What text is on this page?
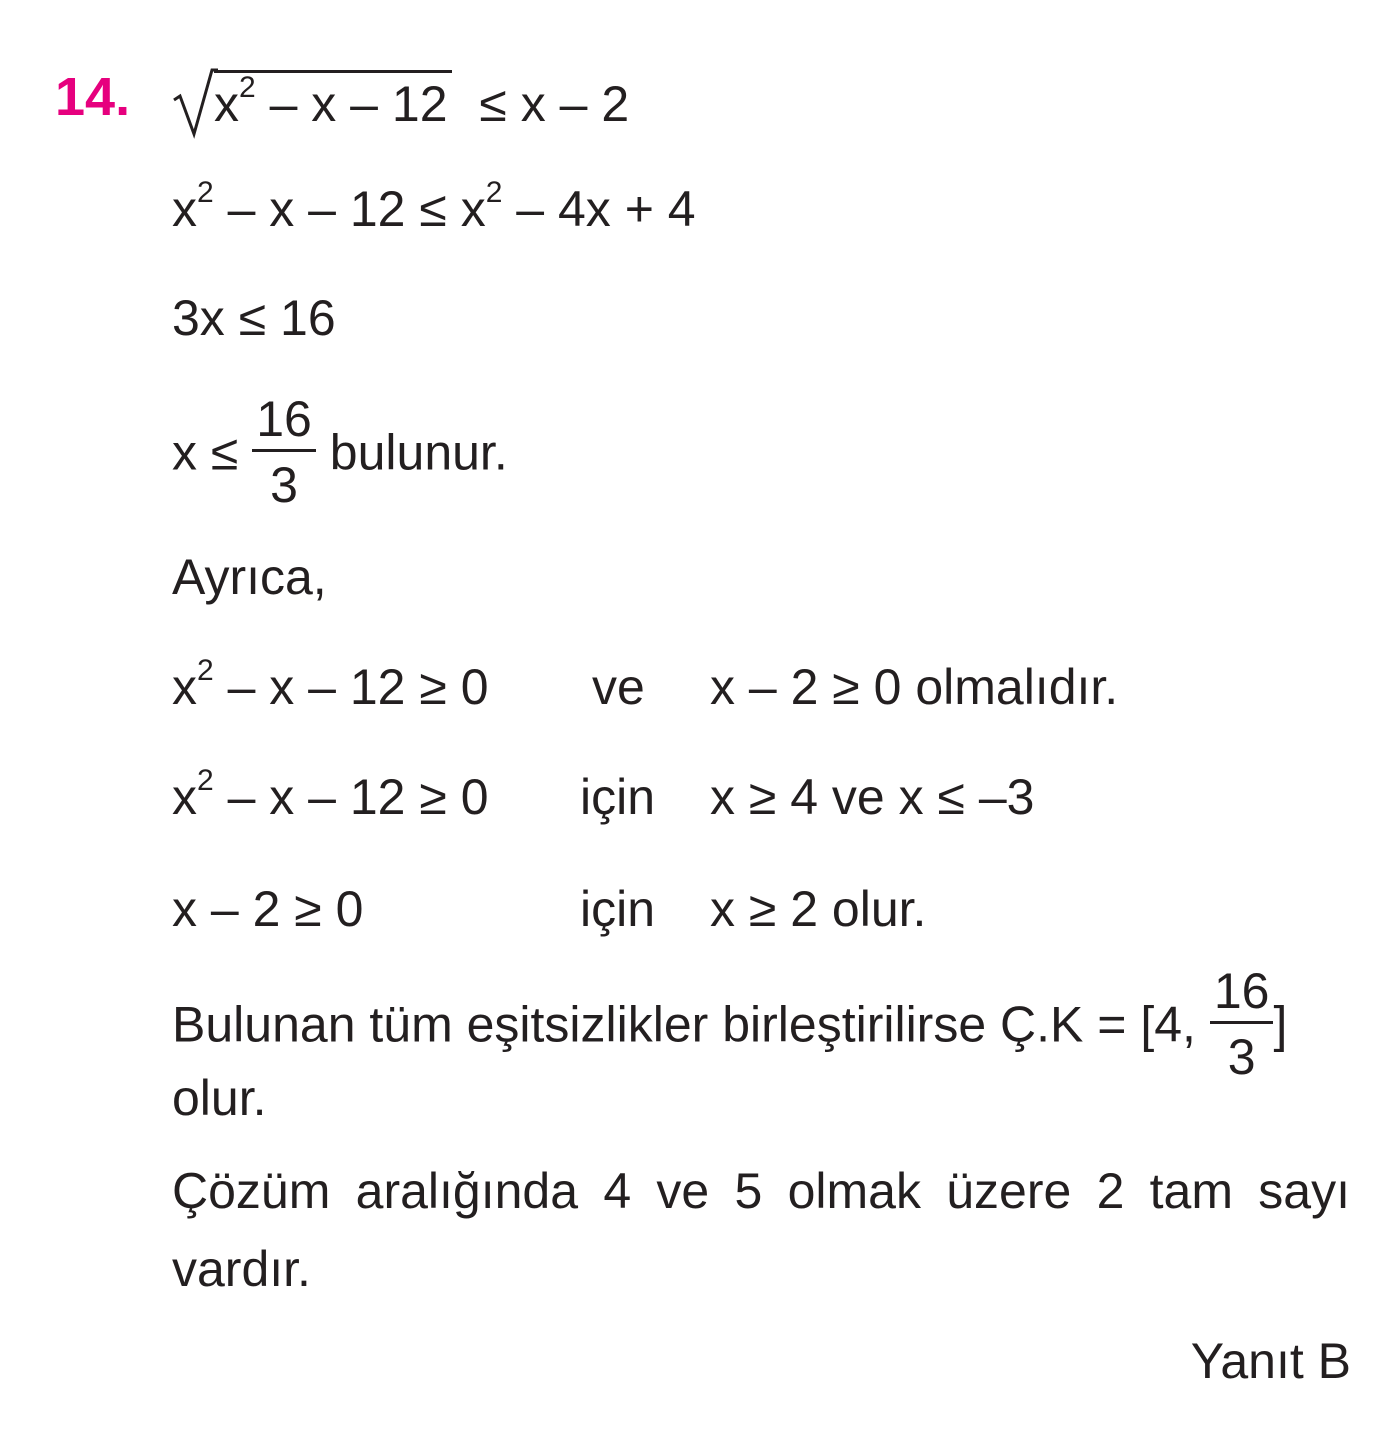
14.	$x^2 - x - 12 \le x - 2$
$x^2 - x - 12 \le x^2 - 4x + 4$
3x ≤ 16
$x \le \frac{16}{3}$ bulunur.
Ayrıca,
$x^2 - x - 12 \ge 0$ ve x – 2 ≥ 0 olmalıdır.
$x^2 - x - 12 \ge 0$ için x ≥ 4 ve x ≤ –3
x – 2 ≥ 0	için x ≥ 2 olur.
Bulunan tüm eşitsizlikler birleştirilirse Ç.K = [4, $\frac{16}{3}$ ]
olur.
Çözüm aralığında 4 ve 5 olmak üzere 2 tam sayı
vardır.
Yanıt B
